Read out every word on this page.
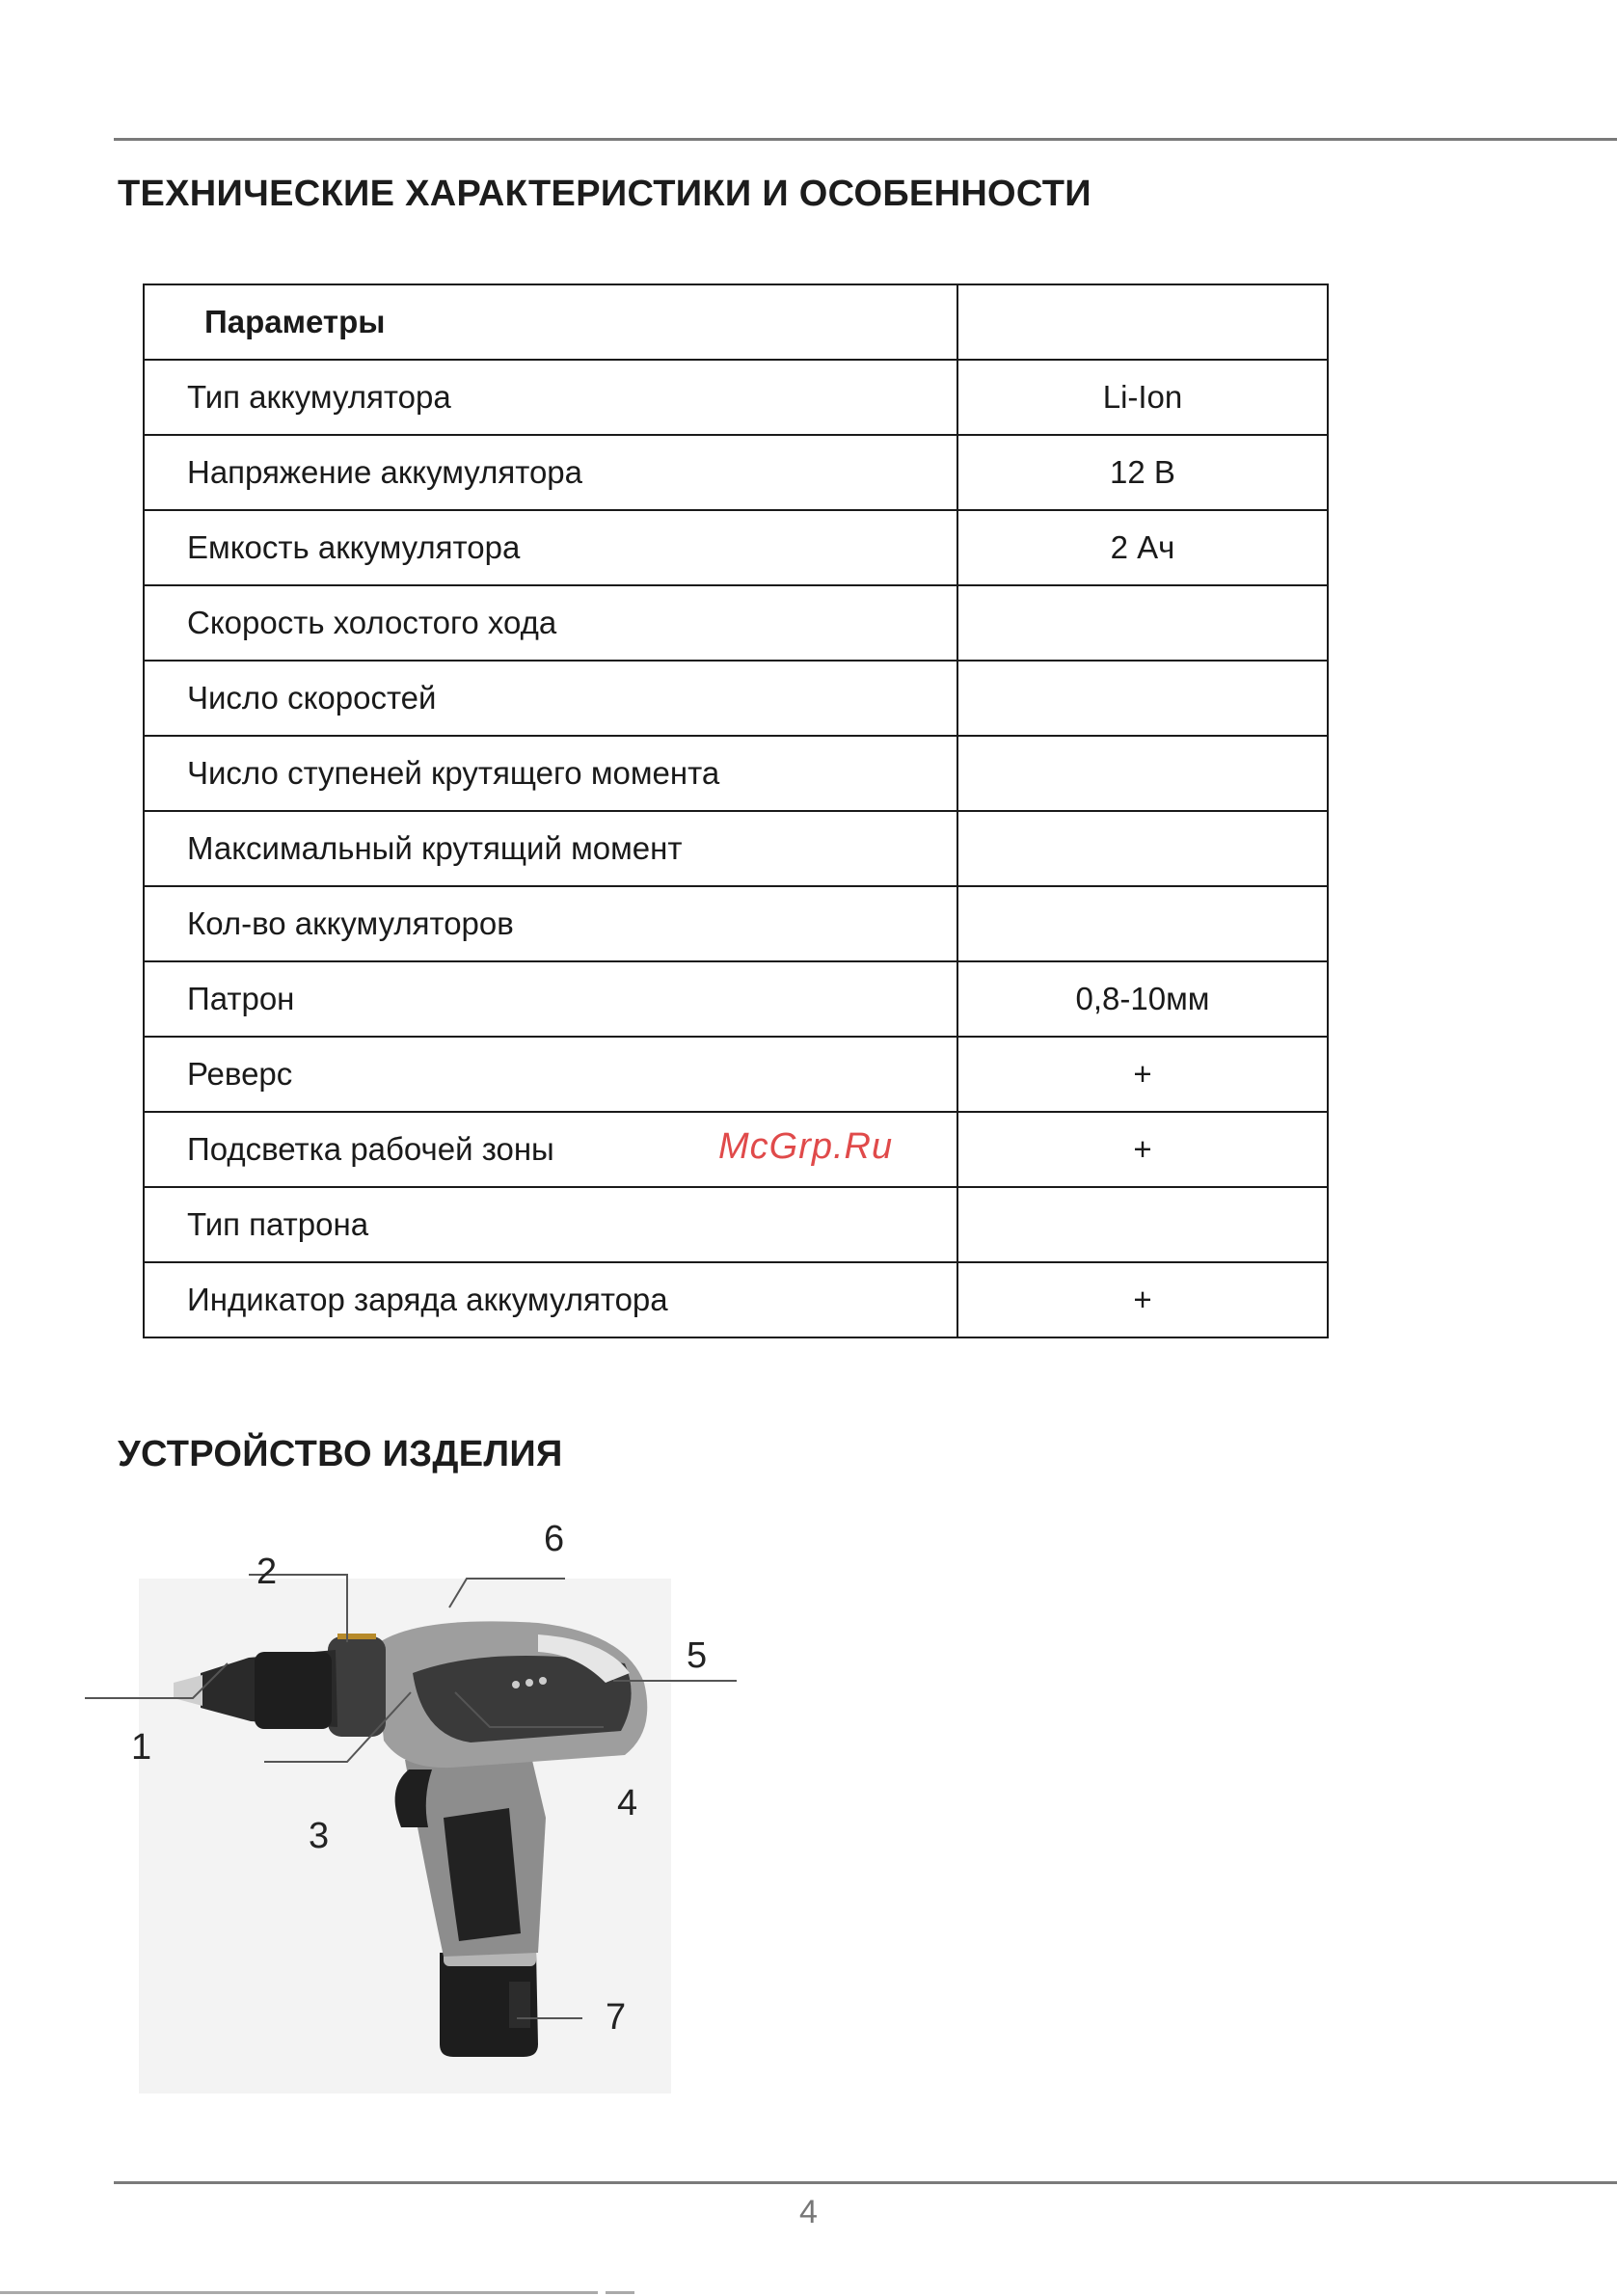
ТЕХНИЧЕСКИЕ ХАРАКТЕРИСТИКИ И ОСОБЕННОСТИ
Параметры	
Тип аккумулятора	Li-Ion
Напряжение аккумулятора	12 В
Емкость аккумулятора	2 Ач
Скорость холостого хода	
Число скоростей	
Число ступеней крутящего момента	
Максимальный крутящий момент	
Кол-во аккумуляторов	
Патрон	0,8-10мм
Реверс	+
Подсветка рабочей зоны	+
Тип патрона	
Индикатор заряда аккумулятора	+
McGrp.Ru
УСТРОЙСТВО ИЗДЕЛИЯ
1
2
3
4
5
6
7
4
